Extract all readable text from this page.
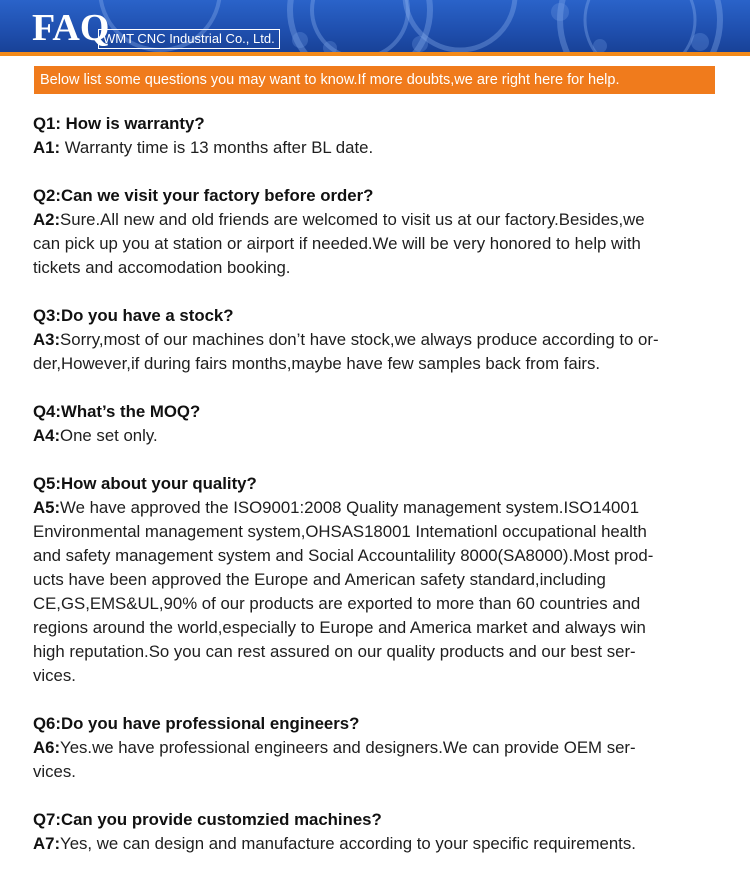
FAQ
WMT CNC Industrial Co., Ltd.
Below list some questions you may want to know.If more doubts,we are right here for help.
Q1: How is warranty?
A1: Warranty time is 13 months after BL date.
Q2:Can we visit your factory before order?
A2:Sure.All new and old friends are welcomed to visit us at our factory.Besides,we
can pick up you at station or airport if needed.We will be very honored to help with
tickets and accomodation booking.
Q3:Do you have a stock?
A3:Sorry,most of our machines don’t have stock,we always produce according to or-
der,However,if during fairs months,maybe have few samples back from fairs.
Q4:What’s the MOQ?
A4:One set only.
Q5:How about your quality?
A5:We have approved the ISO9001:2008 Quality management system.ISO14001
Environmental management system,OHSAS18001 Intemationl occupational health
and safety management system and Social Accountalility 8000(SA8000).Most prod-
ucts have been approved the Europe and American safety standard,including
CE,GS,EMS&UL,90% of our products are exported to more than 60 countries and
regions around the world,especially to Europe and America market and always win
high reputation.So you can rest assured on our quality products and our best ser-
vices.
Q6:Do you have professional engineers?
A6:Yes.we have professional engineers and designers.We can provide OEM ser-
vices.
Q7:Can you provide customzied machines?
A7:Yes, we can design and manufacture according to your specific requirements.
